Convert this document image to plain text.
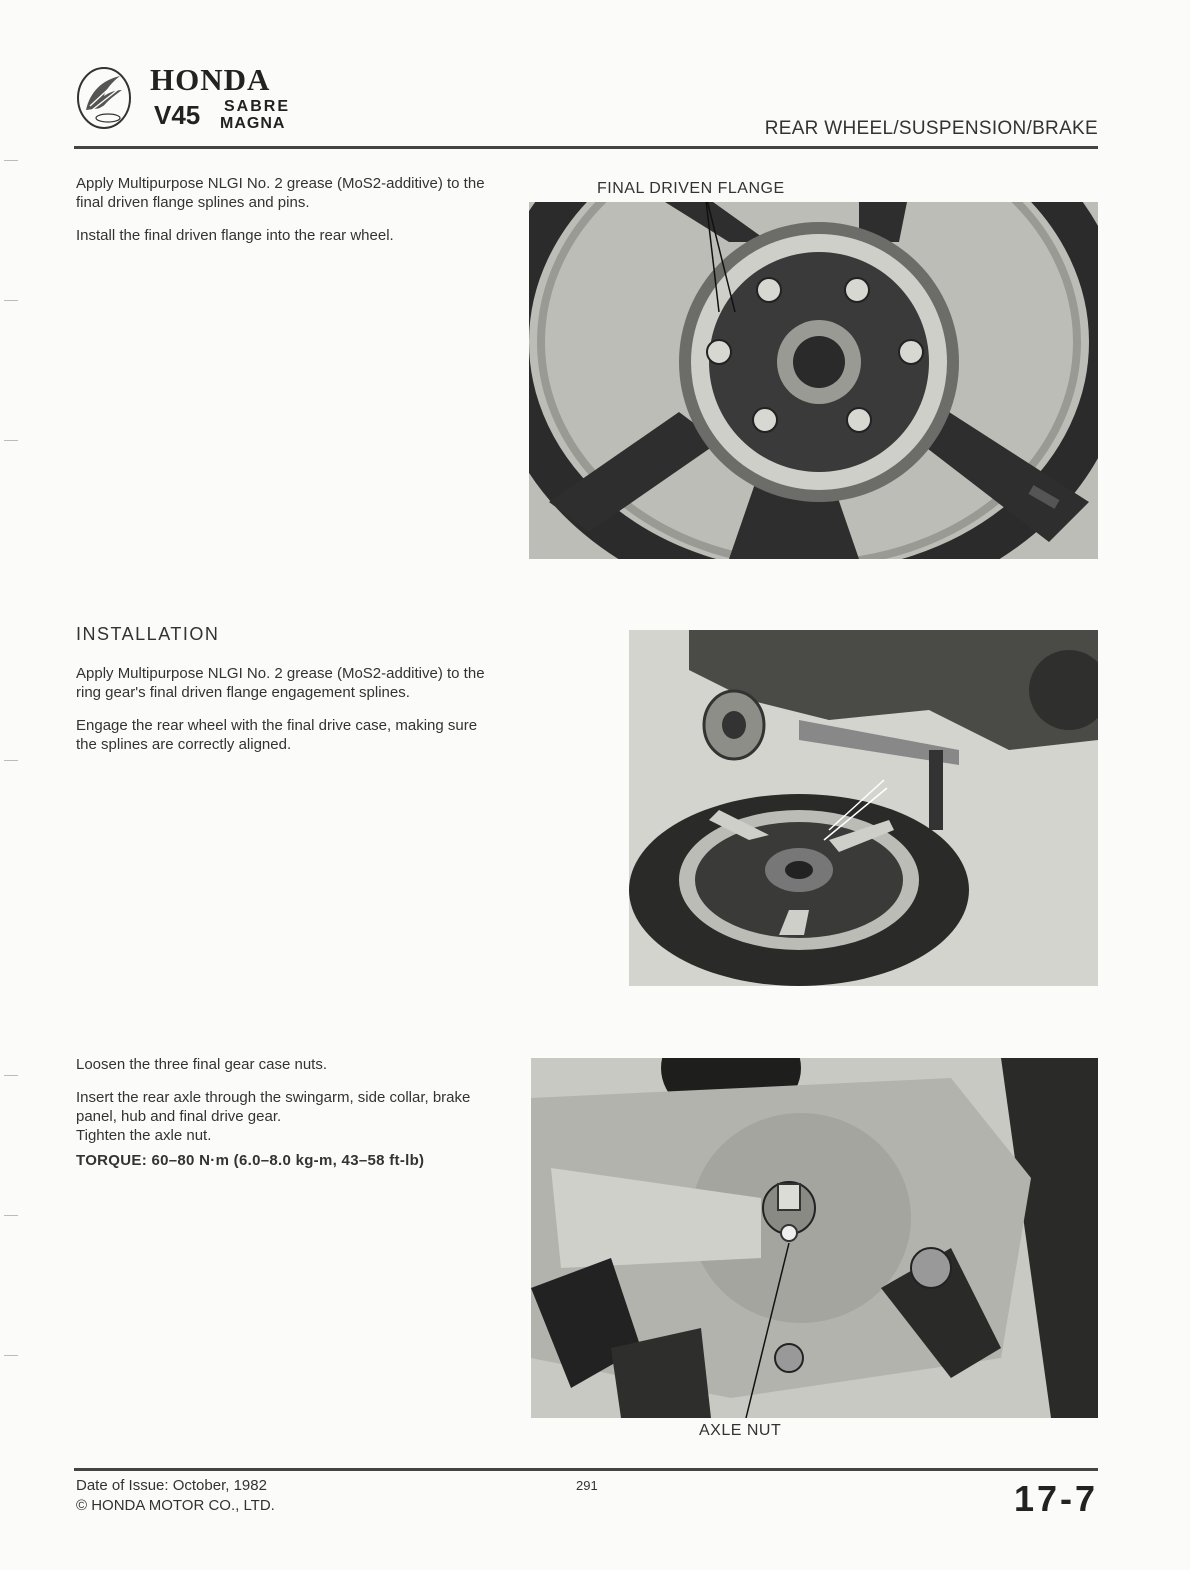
HONDA
V45 SABRE
MAGNA	REAR WHEEL/SUSPENSION/BRAKE

Apply Multipurpose NLGI No. 2 grease (MoS2-additive) to the final driven flange splines and pins.

Install the final driven flange into the rear wheel.

FINAL DRIVEN FLANGE
INSTALLATION

Apply Multipurpose NLGI No. 2 grease (MoS2-additive) to the ring gear's final driven flange engagement splines.

Engage the rear wheel with the final drive case, making sure the splines are correctly aligned.

Loosen the three final gear case nuts.

Insert the rear axle through the swingarm, side collar, brake panel, hub and final drive gear.

Tighten the axle nut.

TORQUE: 60–80 N·m (6.0–8.0 kg-m, 43–58 ft-lb)

AXLE NUT
Date of Issue: October, 1982
© HONDA MOTOR CO., LTD.
291	17-7
